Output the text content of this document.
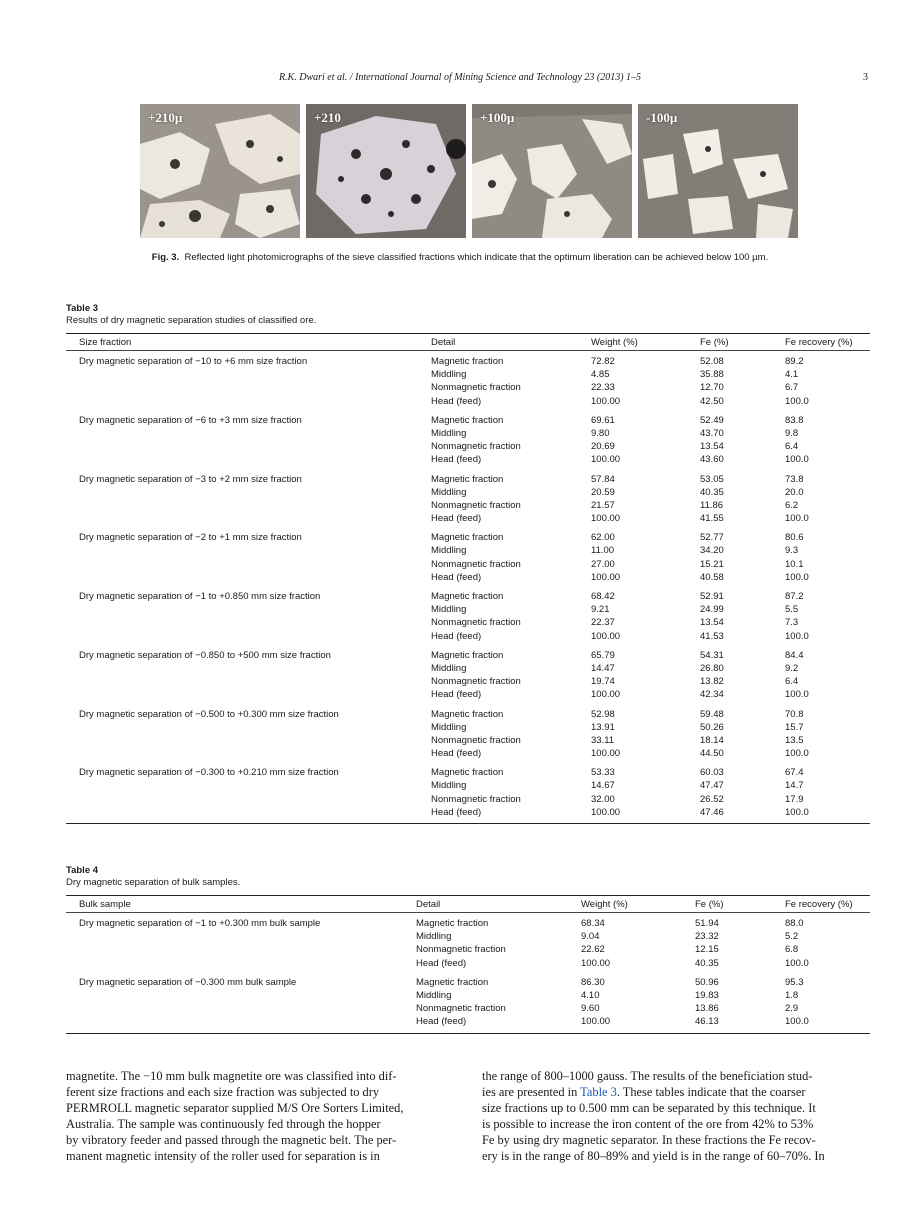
R.K. Dwari et al. / International Journal of Mining Science and Technology 23 (2013) 1–5	3
+210µ	+210	+100µ	-100µ
Fig. 3. Reflected light photomicrographs of the sieve classified fractions which indicate that the optimum liberation can be achieved below 100 µm.
Table 3
Results of dry magnetic separation studies of classified ore.
Size fraction	Detail	Weight (%)	Fe (%)	Fe recovery (%)
Dry magnetic separation of −10 to +6 mm size fraction	Magnetic fraction	72.82	52.08	89.2
Middling	4.85	35.88	4.1
Nonmagnetic fraction	22.33	12.70	6.7
Head (feed)	100.00	42.50	100.0
Dry magnetic separation of −6 to +3 mm size fraction	Magnetic fraction	69.61	52.49	83.8
Middling	9.80	43.70	9.8
Nonmagnetic fraction	20.69	13.54	6.4
Head (feed)	100.00	43.60	100.0
Dry magnetic separation of −3 to +2 mm size fraction	Magnetic fraction	57.84	53.05	73.8
Middling	20.59	40.35	20.0
Nonmagnetic fraction	21.57	11.86	6.2
Head (feed)	100.00	41.55	100.0
Dry magnetic separation of −2 to +1 mm size fraction	Magnetic fraction	62.00	52.77	80.6
Middling	11.00	34.20	9.3
Nonmagnetic fraction	27.00	15.21	10.1
Head (feed)	100.00	40.58	100.0
Dry magnetic separation of −1 to +0.850 mm size fraction	Magnetic fraction	68.42	52.91	87.2
Middling	9.21	24.99	5.5
Nonmagnetic fraction	22.37	13.54	7.3
Head (feed)	100.00	41.53	100.0
Dry magnetic separation of −0.850 to +500 mm size fraction	Magnetic fraction	65.79	54.31	84.4
Middling	14.47	26.80	9.2
Nonmagnetic fraction	19.74	13.82	6.4
Head (feed)	100.00	42.34	100.0
Dry magnetic separation of −0.500 to +0.300 mm size fraction	Magnetic fraction	52.98	59.48	70.8
Middling	13.91	50.26	15.7
Nonmagnetic fraction	33.11	18.14	13.5
Head (feed)	100.00	44.50	100.0
Dry magnetic separation of −0.300 to +0.210 mm size fraction	Magnetic fraction	53.33	60.03	67.4
Middling	14.67	47.47	14.7
Nonmagnetic fraction	32.00	26.52	17.9
Head (feed)	100.00	47.46	100.0
Table 4
Dry magnetic separation of bulk samples.
Bulk sample	Detail	Weight (%)	Fe (%)	Fe recovery (%)
Dry magnetic separation of −1 to +0.300 mm bulk sample	Magnetic fraction	68.34	51.94	88.0
Middling	9.04	23.32	5.2
Nonmagnetic fraction	22.62	12.15	6.8
Head (feed)	100.00	40.35	100.0
Dry magnetic separation of −0.300 mm bulk sample	Magnetic fraction	86.30	50.96	95.3
Middling	4.10	19.83	1.8
Nonmagnetic fraction	9.60	13.86	2.9
Head (feed)	100.00	46.13	100.0
magnetite. The −10 mm bulk magnetite ore was classified into dif-
ferent size fractions and each size fraction was subjected to dry
PERMROLL magnetic separator supplied M/S Ore Sorters Limited,
Australia. The sample was continuously fed through the hopper
by vibratory feeder and passed through the magnetic belt. The per-
manent magnetic intensity of the roller used for separation is in
the range of 800–1000 gauss. The results of the beneficiation stud-
ies are presented in Table 3. These tables indicate that the coarser
size fractions up to 0.500 mm can be separated by this technique. It
is possible to increase the iron content of the ore from 42% to 53%
Fe by using dry magnetic separator. In these fractions the Fe recov-
ery is in the range of 80–89% and yield is in the range of 60–70%. In
